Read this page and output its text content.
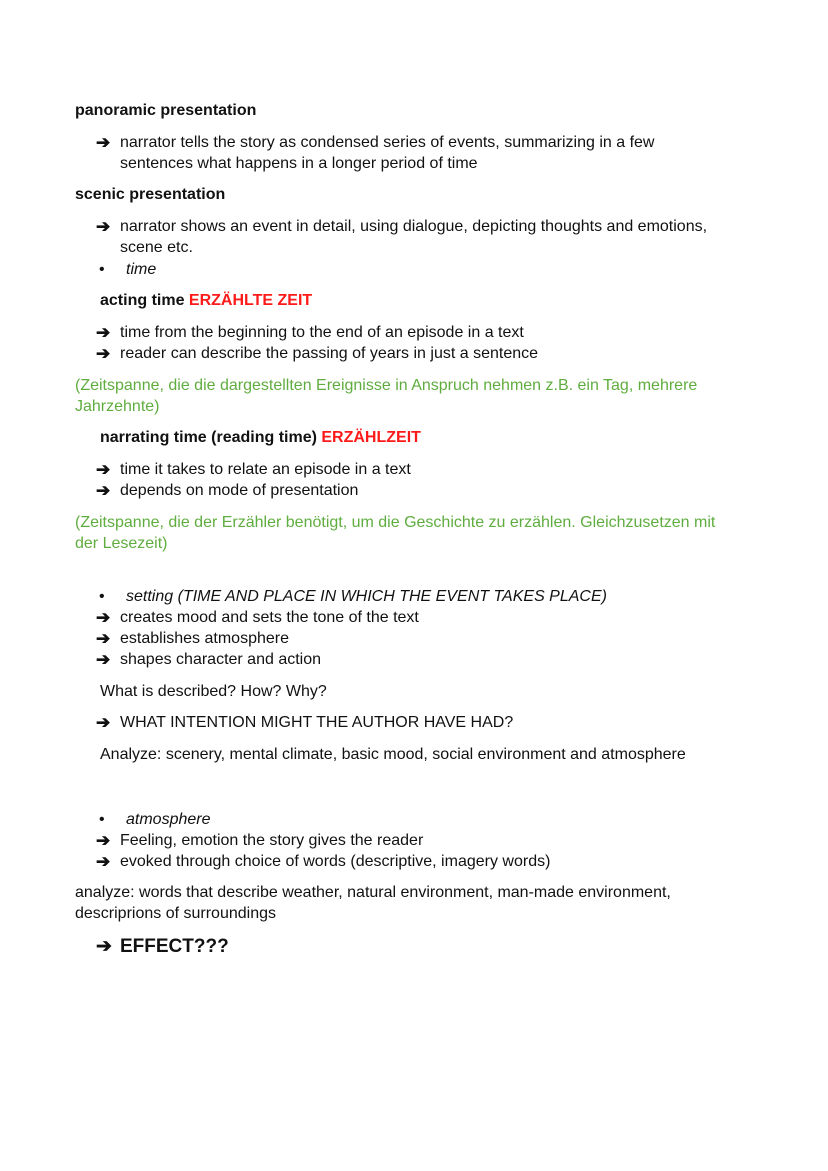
panoramic presentation
➔ narrator tells the story as condensed series of events, summarizing in a few
sentences what happens in a longer period of time
scenic presentation
➔ narrator shows an event in detail, using dialogue, depicting thoughts and emotions,
scene etc.
• time
acting time ERZÄHLTE ZEIT
➔ time from the beginning to the end of an episode in a text
➔ reader can describe the passing of years in just a sentence
(Zeitspanne, die die dargestellten Ereignisse in Anspruch nehmen z.B. ein Tag, mehrere
Jahrzehnte)
narrating time (reading time) ERZÄHLZEIT
➔ time it takes to relate an episode in a text
➔ depends on mode of presentation
(Zeitspanne, die der Erzähler benötigt, um die Geschichte zu erzählen. Gleichzusetzen mit
der Lesezeit)
• setting (TIME AND PLACE IN WHICH THE EVENT TAKES PLACE)
➔ creates mood and sets the tone of the text
➔ establishes atmosphere
➔ shapes character and action
What is described? How? Why?
➔ WHAT INTENTION MIGHT THE AUTHOR HAVE HAD?
Analyze: scenery, mental climate, basic mood, social environment and atmosphere
• atmosphere
➔ Feeling, emotion the story gives the reader
➔ evoked through choice of words (descriptive, imagery words)
analyze: words that describe weather, natural environment, man-made environment,
descriprions of surroundings
➔ EFFECT???
